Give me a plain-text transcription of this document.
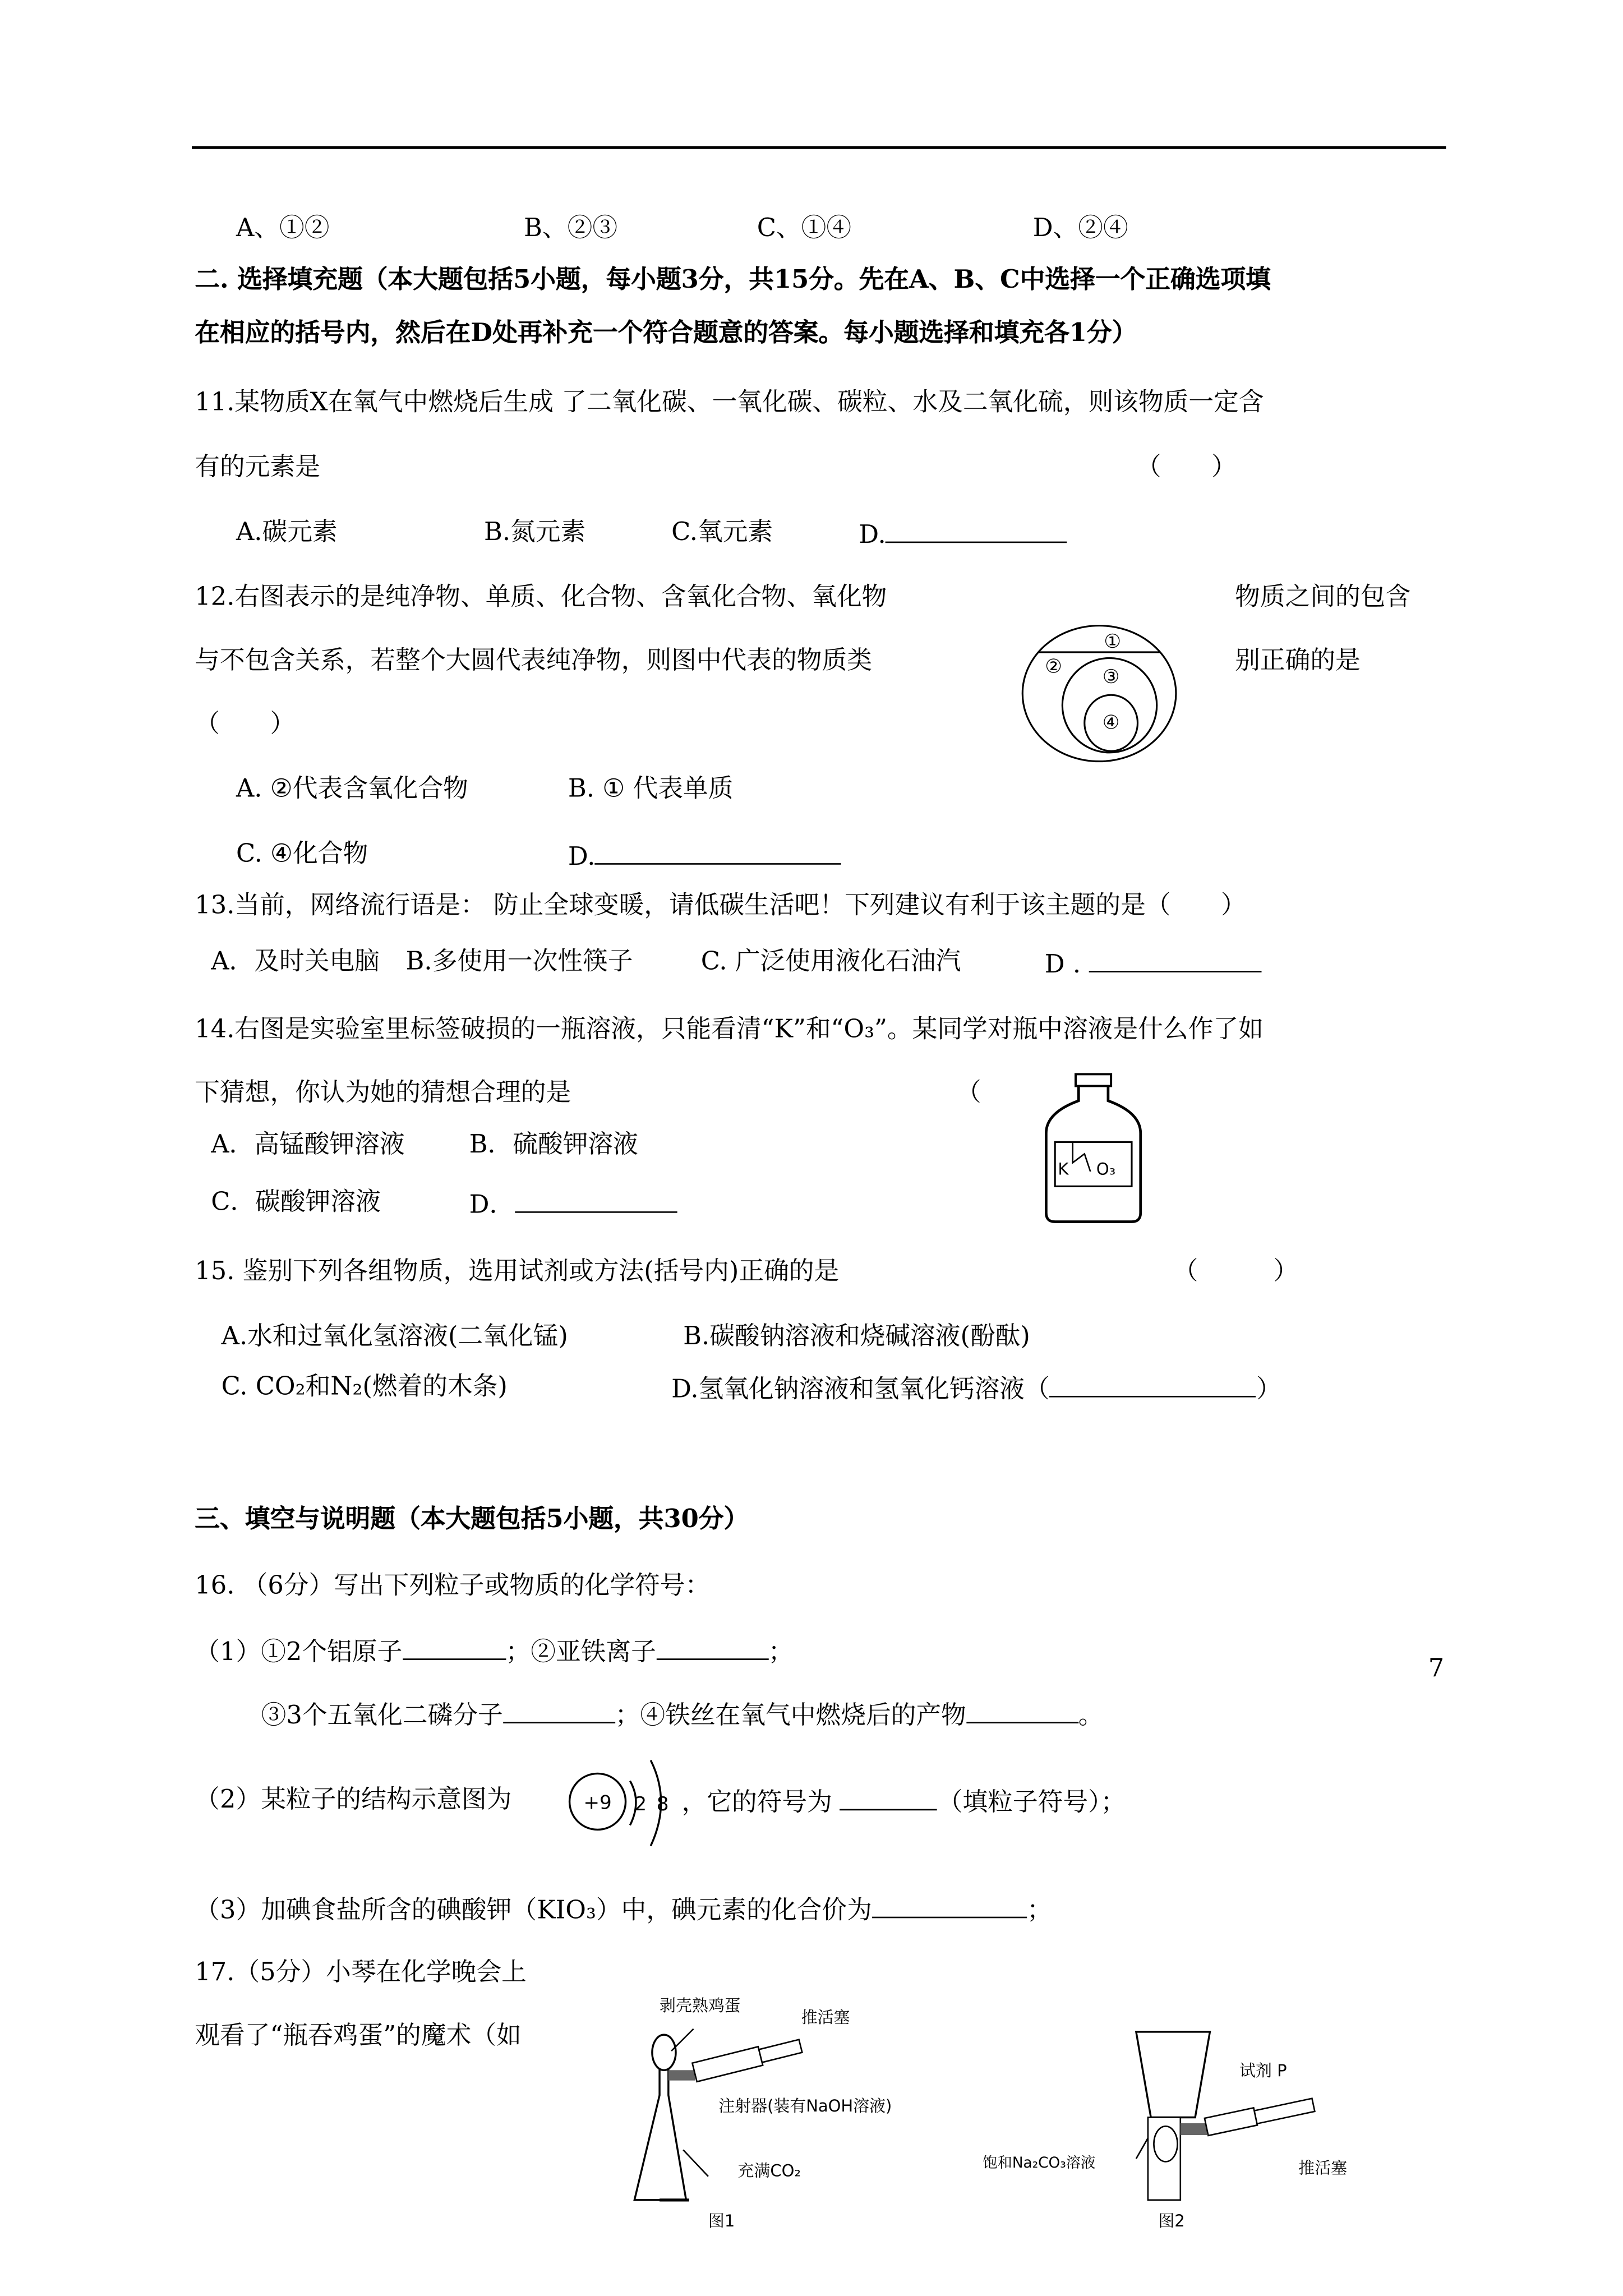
A、①②	B、②③	C、①④	D、②④
二. 选择填充题（本大题包括5小题，每小题3分，共15分。先在A、B、C中选择一个正确选项填
在相应的括号内，然后在D处再补充一个符合题意的答案。每小题选择和填充各1分）
11.某物质X在氧气中燃烧后生成 了二氧化碳、一氧化碳、碳粒、水及二氧化硫，则该物质一定含
有的元素是	（　　）
A.碳元素	B.氮元素	C.氧元素	D.
12.右图表示的是纯净物、单质、化合物、含氧化合物、氧化物	物质之间的包含
与不包含关系，若整个大圆代表纯净物，则图中代表的物质类	别正确的是
（　　）
①
②	③
④
A. ②代表含氧化合物	B. ① 代表单质
C. ④化合物	D.
13.当前，网络流行语是： 防止全球变暖，请低碳生活吧！下列建议有利于该主题的是（　　）
A．及时关电脑	B.多使用一次性筷子	C. 广泛使用液化石油汽	D .
14.右图是实验室里标签破损的一瓶溶液，只能看清“K”和“O₃”。某同学对瓶中溶液是什么作了如
下猜想，你认为她的猜想合理的是	（
K	O₃
A．高锰酸钾溶液	B．硫酸钾溶液
C．碳酸钾溶液	D．
15. 鉴别下列各组物质，选用试剂或方法(括号内)正确的是	（　　　）
A.水和过氧化氢溶液(二氧化锰)	B.碳酸钠溶液和烧碱溶液(酚酞)
C. CO₂和N₂(燃着的木条)	D.氢氧化钠溶液和氢氧化钙溶液（	）
三、填空与说明题（本大题包括5小题，共30分）
16. （6分）写出下列粒子或物质的化学符号：
（1）①2个铝原子	；②亚铁离子	；
③3个五氧化二磷分子	；④铁丝在氧气中燃烧后的产物	。
（2）某粒子的结构示意图为	+9	2 8 ，它的符号为	（填粒子符号）；
（3）加碘食盐所含的碘酸钾（KIO₃）中，碘元素的化合价为	；
17.（5分）小琴在化学晚会上
观看了“瓶吞鸡蛋”的魔术（如
剥壳熟鸡蛋
推活塞
注射器(装有NaOH溶液)
充满CO₂
图1
试剂 P
推活塞
饱和Na₂CO₃溶液
图2
7
